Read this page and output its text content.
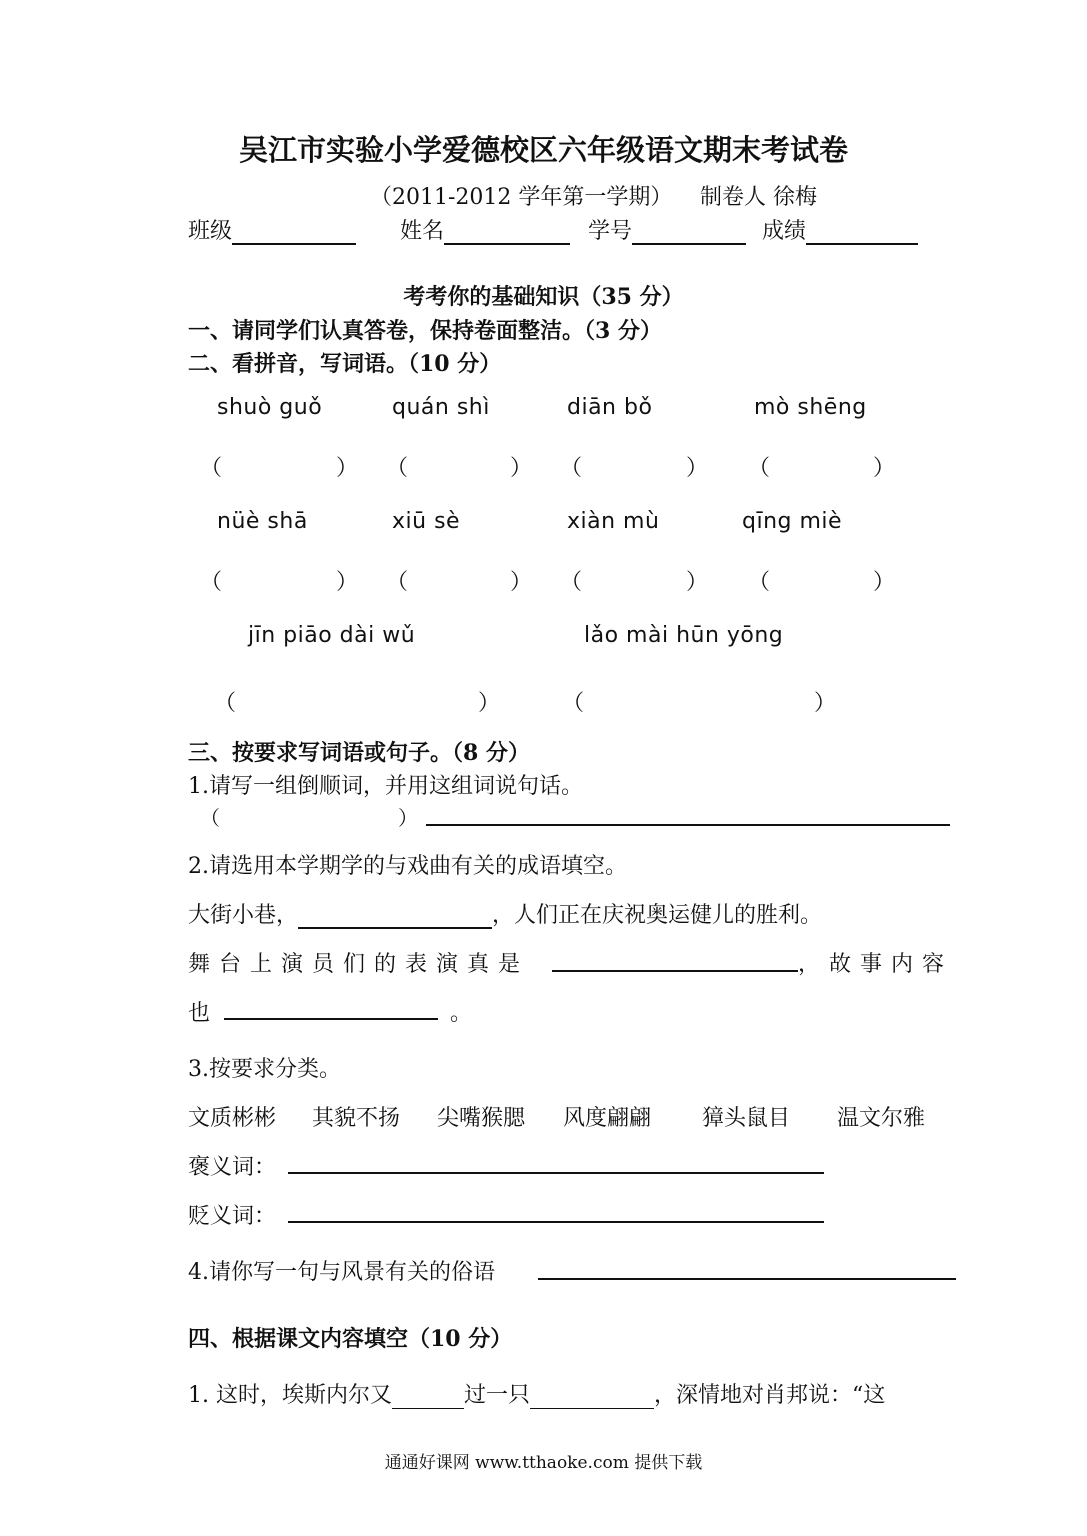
吴江市实验小学爱德校区六年级语文期末考试卷
（2011-2012 学年第一学期） 制卷人 徐梅
班级	姓名	学号	成绩
考考你的基础知识（35 分）
一、请同学们认真答卷，保持卷面整洁。（3 分）
二、看拼音，写词语。（10 分）
shuò guǒ	quán shì	diān bǒ	mò shēng
（	） （	） （	） （	）
nüè shā	xiū sè	xiàn mù	qīng miè
（	） （	） （	） （	）
jīn piāo dài wǔ	lǎo mài hūn yōng
（	）	（	）
三、按要求写词语或句子。（8 分）
1.请写一组倒顺词，并用这组词说句话。
（	）
2.请选用本学期学的与戏曲有关的成语填空。
大街小巷，	，人们正在庆祝奥运健儿的胜利。
舞台上演员们的表演真是	，故事内容
也	。
3.按要求分类。
文质彬彬 其貌不扬 尖嘴猴腮 风度翩翩 獐头鼠目 温文尔雅
褒义词：
贬义词：
4.请你写一句与风景有关的俗语
四、根据课文内容填空（10 分）
1. 这时，埃斯内尔又	过一只	，深情地对肖邦说：“这
通通好课网 www.tthaoke.com 提供下载
